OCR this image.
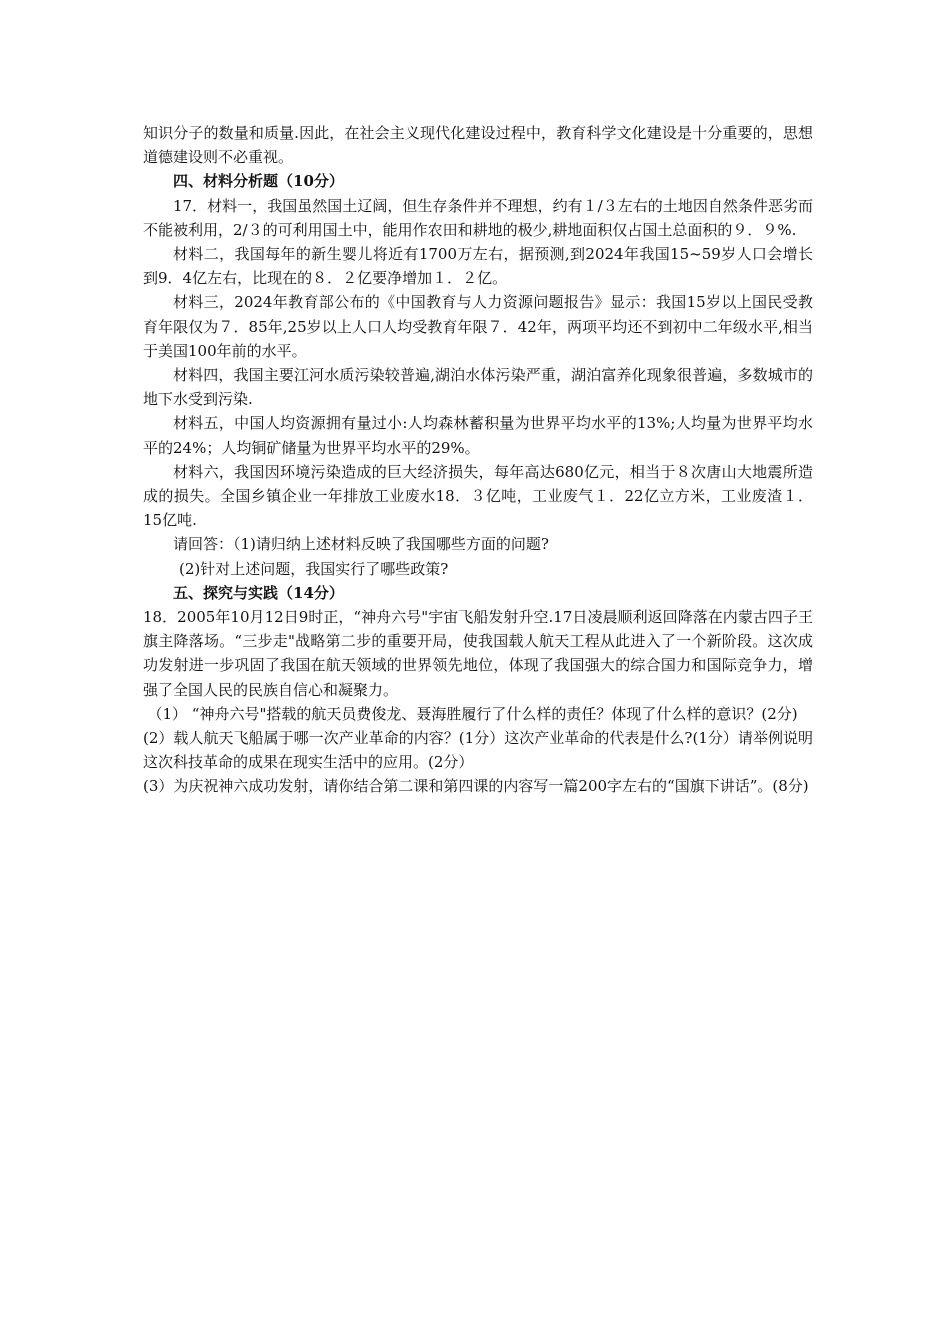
知识分子的数量和质量.因此，在社会主义现代化建设过程中，教育科学文化建设是十分重要的，思想道德建设则不必重视。

四、材料分析题（10分）

17．材料一，我国虽然国土辽阔，但生存条件并不理想，约有１/３左右的土地因自然条件恶劣而不能被利用，2/３的可利用国土中，能用作农田和耕地的极少,耕地面积仅占国土总面积的９．９%.

材料二，我国每年的新生婴儿将近有1700万左右，据预测,到2024年我国15~59岁人口会增长到9．4亿左右，比现在的８．２亿要净增加１．２亿。

材料三，2024年教育部公布的《中国教育与人力资源问题报告》显示：我国15岁以上国民受教育年限仅为７．85年,25岁以上人口人均受教育年限７．42年，两项平均还不到初中二年级水平,相当于美国100年前的水平。

材料四，我国主要江河水质污染较普遍,湖泊水体污染严重，湖泊富养化现象很普遍，多数城市的地下水受到污染.

材料五，中国人均资源拥有量过小:人均森林蓄积量为世界平均水平的13%;人均量为世界平均水平的24%；人均铜矿储量为世界平均水平的29%。

材料六，我国因环境污染造成的巨大经济损失，每年高达680亿元，相当于８次唐山大地震所造成的损失。全国乡镇企业一年排放工业废水18．３亿吨，工业废气１．22亿立方米，工业废渣１．15亿吨.

请回答：（1)请归纳上述材料反映了我国哪些方面的问题?

(2)针对上述问题，我国实行了哪些政策?

五、探究与实践（14分）

18．2005年10月12日9时正，“神舟六号"宇宙飞船发射升空.17日凌晨顺利返回降落在内蒙古四子王旗主降落场。“三步走"战略第二步的重要开局，使我国载人航天工程从此进入了一个新阶段。这次成功发射进一步巩固了我国在航天领域的世界领先地位，体现了我国强大的综合国力和国际竞争力，增强了全国人民的民族自信心和凝聚力。

（1） “神舟六号"搭载的航天员费俊龙、聂海胜履行了什么样的责任？体现了什么样的意识？(2分)

(2）载人航天飞船属于哪一次产业革命的内容？(1分）这次产业革命的代表是什么?(1分）请举例说明这次科技革命的成果在现实生活中的应用。(2分）

(3）为庆祝神六成功发射，请你结合第二课和第四课的内容写一篇200字左右的“国旗下讲话”。(8分)
